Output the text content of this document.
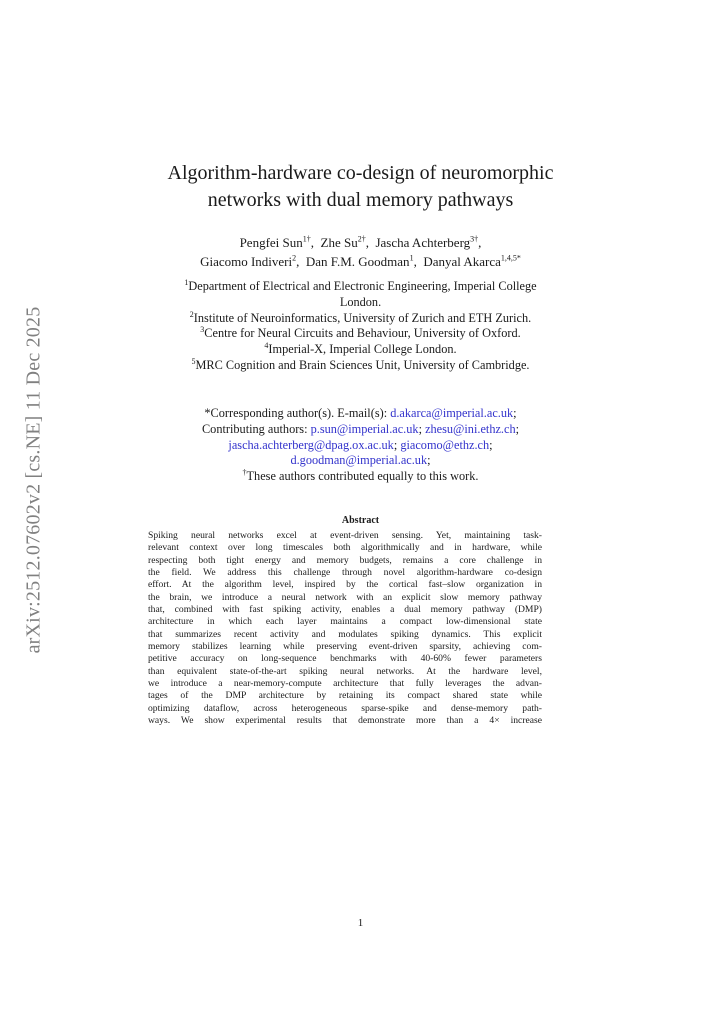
arXiv:2512.07602v2 [cs.NE] 11 Dec 2025
Algorithm-hardware co-design of neuromorphic
networks with dual memory pathways
Pengfei Sun$^{1\dagger}$,  Zhe $Su^{2\dagger}$,  Jascha Achterberg$^{3\dagger}$,
Giacomo Indiveri$^2$,  Dan F.M. Goodman$^1$,  Danyal Akarca$^{1,4,5*}$
$^1$Department of Electrical and Electronic Engineering, Imperial College
London.
$^2$Institute of Neuroinformatics, University of Zurich and ETH Zurich.
$^3$Centre for Neural Circuits and Behaviour, University of Oxford.
$^4$Imperial-X, Imperial College London.
$^5$MRC Cognition and Brain Sciences Unit, University of Cambridge.
*Corresponding author(s). E-mail(s): d.akarca@imperial.ac.uk;
Contributing authors: p.sun@imperial.ac.uk; zhesu@ini.ethz.ch;
jascha.achterberg@dpag.ox.ac.uk; giacomo@ethz.ch;
d.goodman@imperial.ac.uk;
†These authors contributed equally to this work.
Abstract
Spiking neural networks excel at event-driven sensing. Yet, maintaining task-
relevant context over long timescales both algorithmically and in hardware, while
respecting both tight energy and memory budgets, remains a core challenge in
the field. We address this challenge through novel algorithm-hardware co-design
effort. At the algorithm level, inspired by the cortical fast–slow organization in
the brain, we introduce a neural network with an explicit slow memory pathway
that, combined with fast spiking activity, enables a dual memory pathway (DMP)
architecture in which each layer maintains a compact low-dimensional state
that summarizes recent activity and modulates spiking dynamics. This explicit
memory stabilizes learning while preserving event-driven sparsity, achieving com-
petitive accuracy on long-sequence benchmarks with 40-60% fewer parameters
than equivalent state-of-the-art spiking neural networks. At the hardware level,
we introduce a near-memory-compute architecture that fully leverages the advan-
tages of the DMP architecture by retaining its compact shared state while
optimizing dataflow, across heterogeneous sparse-spike and dense-memory path-
ways. We show experimental results that demonstrate more than a 4× increase
1
